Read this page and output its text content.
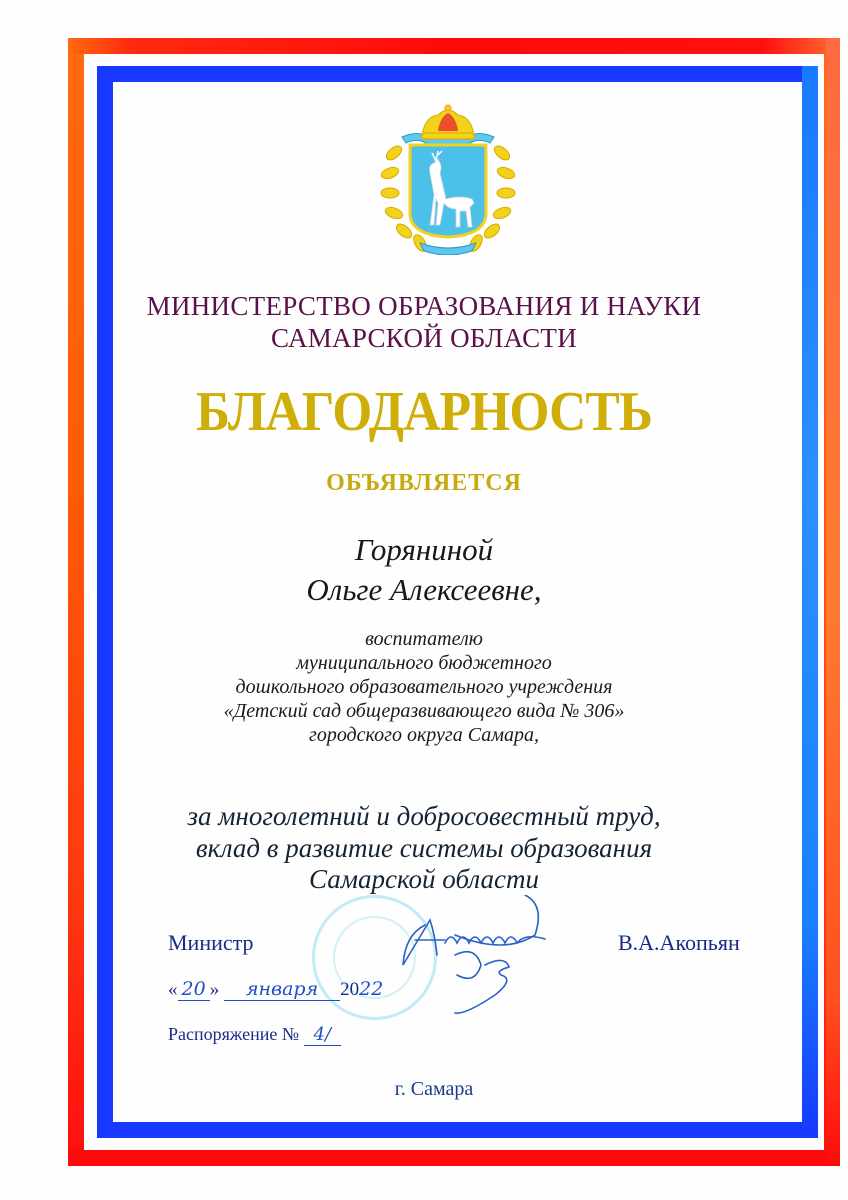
МИНИСТЕРСТВО ОБРАЗОВАНИЯ И НАУКИ
САМАРСКОЙ ОБЛАСТИ
БЛАГОДАРНОСТЬ
ОБЪЯВЛЯЕТСЯ
Горяниной
Ольге Алексеевне,
воспитателю
муниципального бюджетного
дошкольного образовательного учреждения
«Детский сад общеразвивающего вида № 306»
городского округа Самара,
за многолетний и добросовестный труд,
вклад в развитие системы образования
Самарской области
Министр	В.А.Акопьян
« 20 » января 2022
Распоряжение № 4/
г. Самара
